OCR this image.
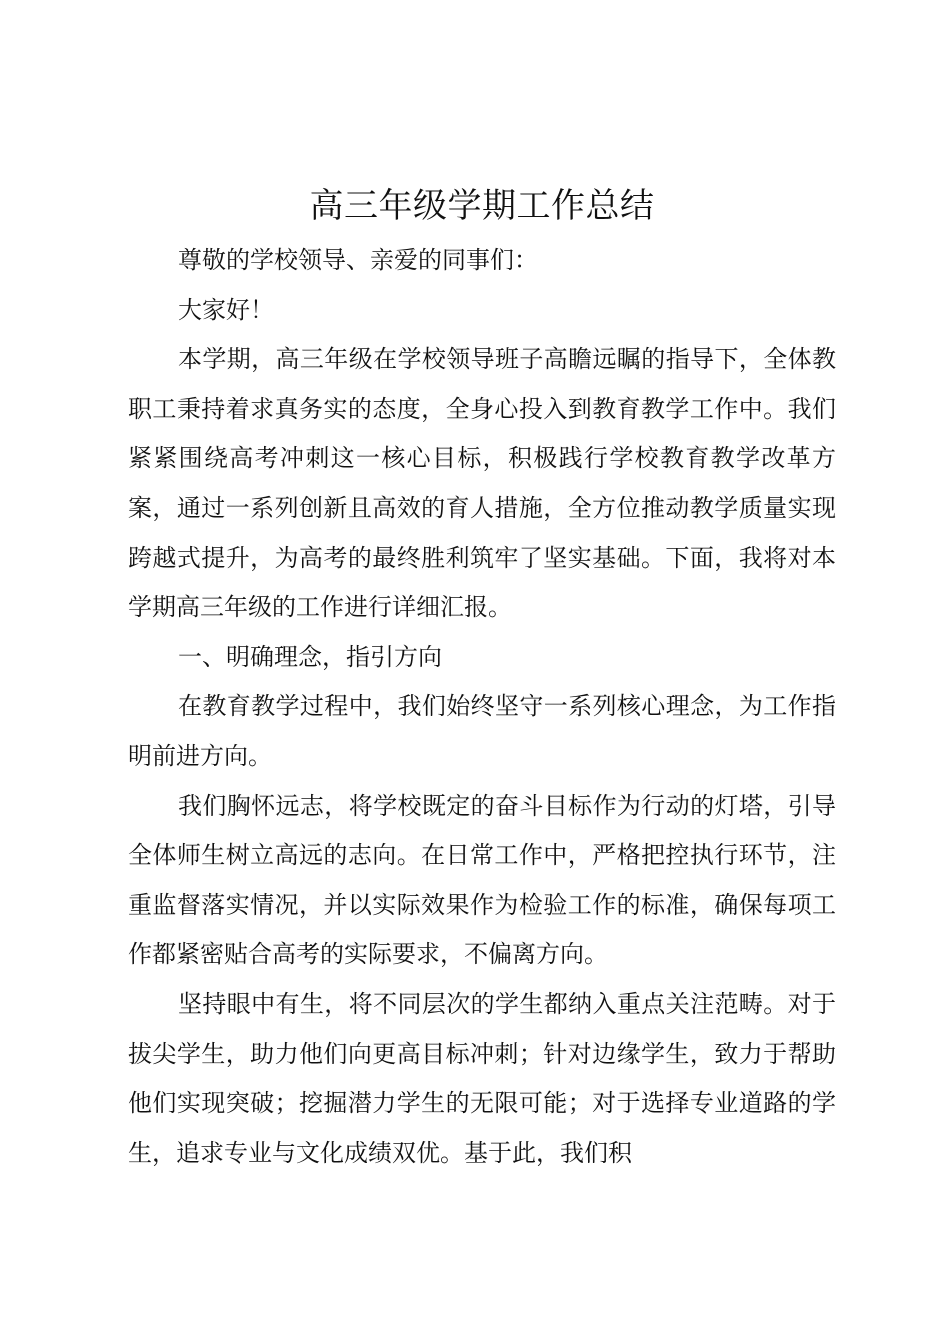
高三年级学期工作总结

尊敬的学校领导、亲爱的同事们：

大家好！

本学期，高三年级在学校领导班子高瞻远瞩的指导下，全体教职工秉持着求真务实的态度，全身心投入到教育教学工作中。我们紧紧围绕高考冲刺这一核心目标，积极践行学校教育教学改革方案，通过一系列创新且高效的育人措施，全方位推动教学质量实现跨越式提升，为高考的最终胜利筑牢了坚实基础。下面，我将对本学期高三年级的工作进行详细汇报。

一、明确理念，指引方向

在教育教学过程中，我们始终坚守一系列核心理念，为工作指明前进方向。

我们胸怀远志，将学校既定的奋斗目标作为行动的灯塔，引导全体师生树立高远的志向。在日常工作中，严格把控执行环节，注重监督落实情况，并以实际效果作为检验工作的标准，确保每项工作都紧密贴合高考的实际要求，不偏离方向。

坚持眼中有生，将不同层次的学生都纳入重点关注范畴。对于拔尖学生，助力他们向更高目标冲刺；针对边缘学生，致力于帮助他们实现突破；挖掘潜力学生的无限可能；对于选择专业道路的学生，追求专业与文化成绩双优。基于此，我们积
